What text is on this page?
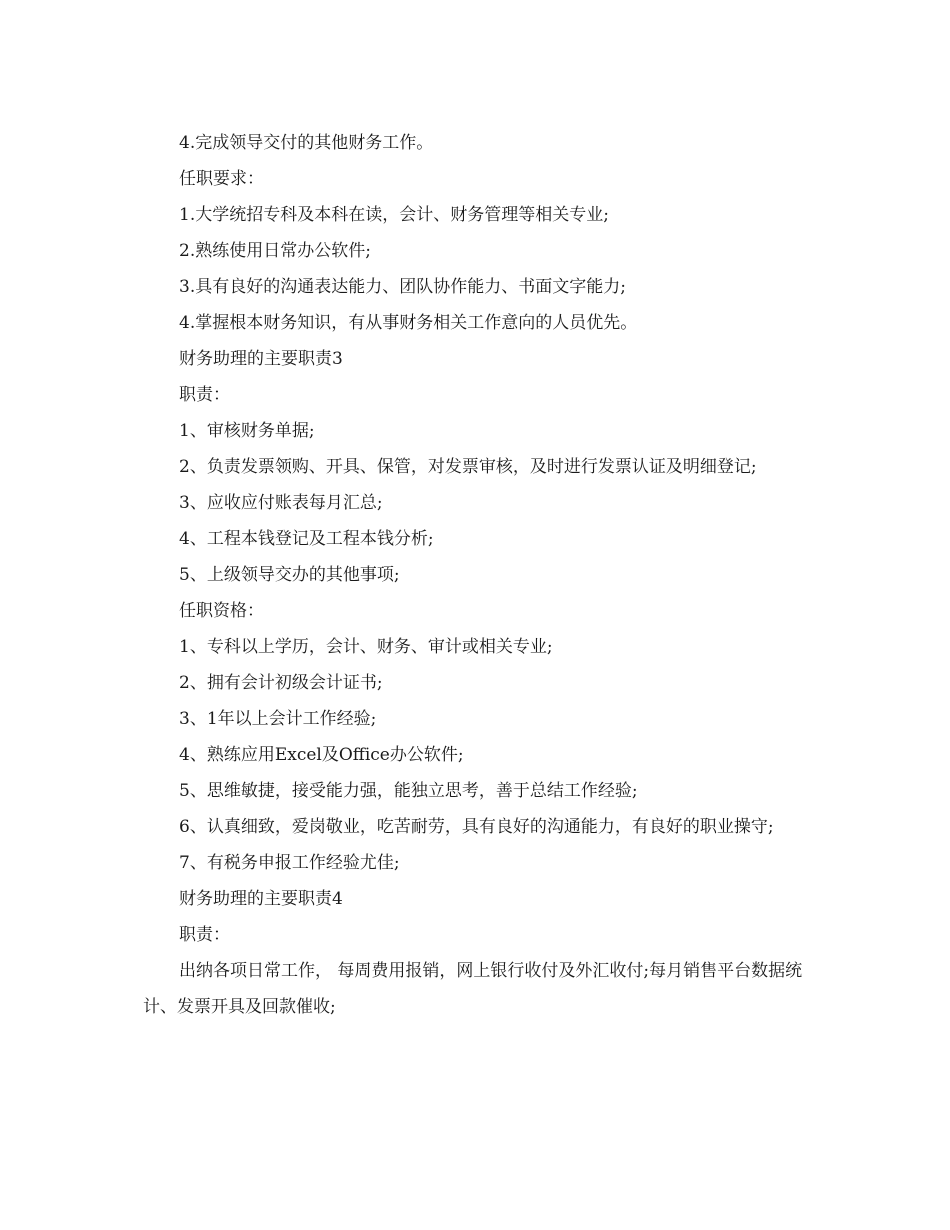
4.完成领导交付的其他财务工作。

任职要求：

1.大学统招专科及本科在读，会计、财务管理等相关专业;

2.熟练使用日常办公软件;

3.具有良好的沟通表达能力、团队协作能力、书面文字能力;

4.掌握根本财务知识，有从事财务相关工作意向的人员优先。

财务助理的主要职责3

职责：

1、审核财务单据;

2、负责发票领购、开具、保管，对发票审核，及时进行发票认证及明细登记;

3、应收应付账表每月汇总;

4、工程本钱登记及工程本钱分析;

5、上级领导交办的其他事项;

任职资格：

1、专科以上学历，会计、财务、审计或相关专业;

2、拥有会计初级会计证书;

3、1年以上会计工作经验;

4、熟练应用Excel及Office办公软件;

5、思维敏捷，接受能力强，能独立思考，善于总结工作经验;

6、认真细致，爱岗敬业，吃苦耐劳，具有良好的沟通能力，有良好的职业操守;

7、有税务申报工作经验尤佳;

财务助理的主要职责4

职责：

出纳各项日常工作， 每周费用报销，网上银行收付及外汇收付;每月销售平台数据统计、发票开具及回款催收;
